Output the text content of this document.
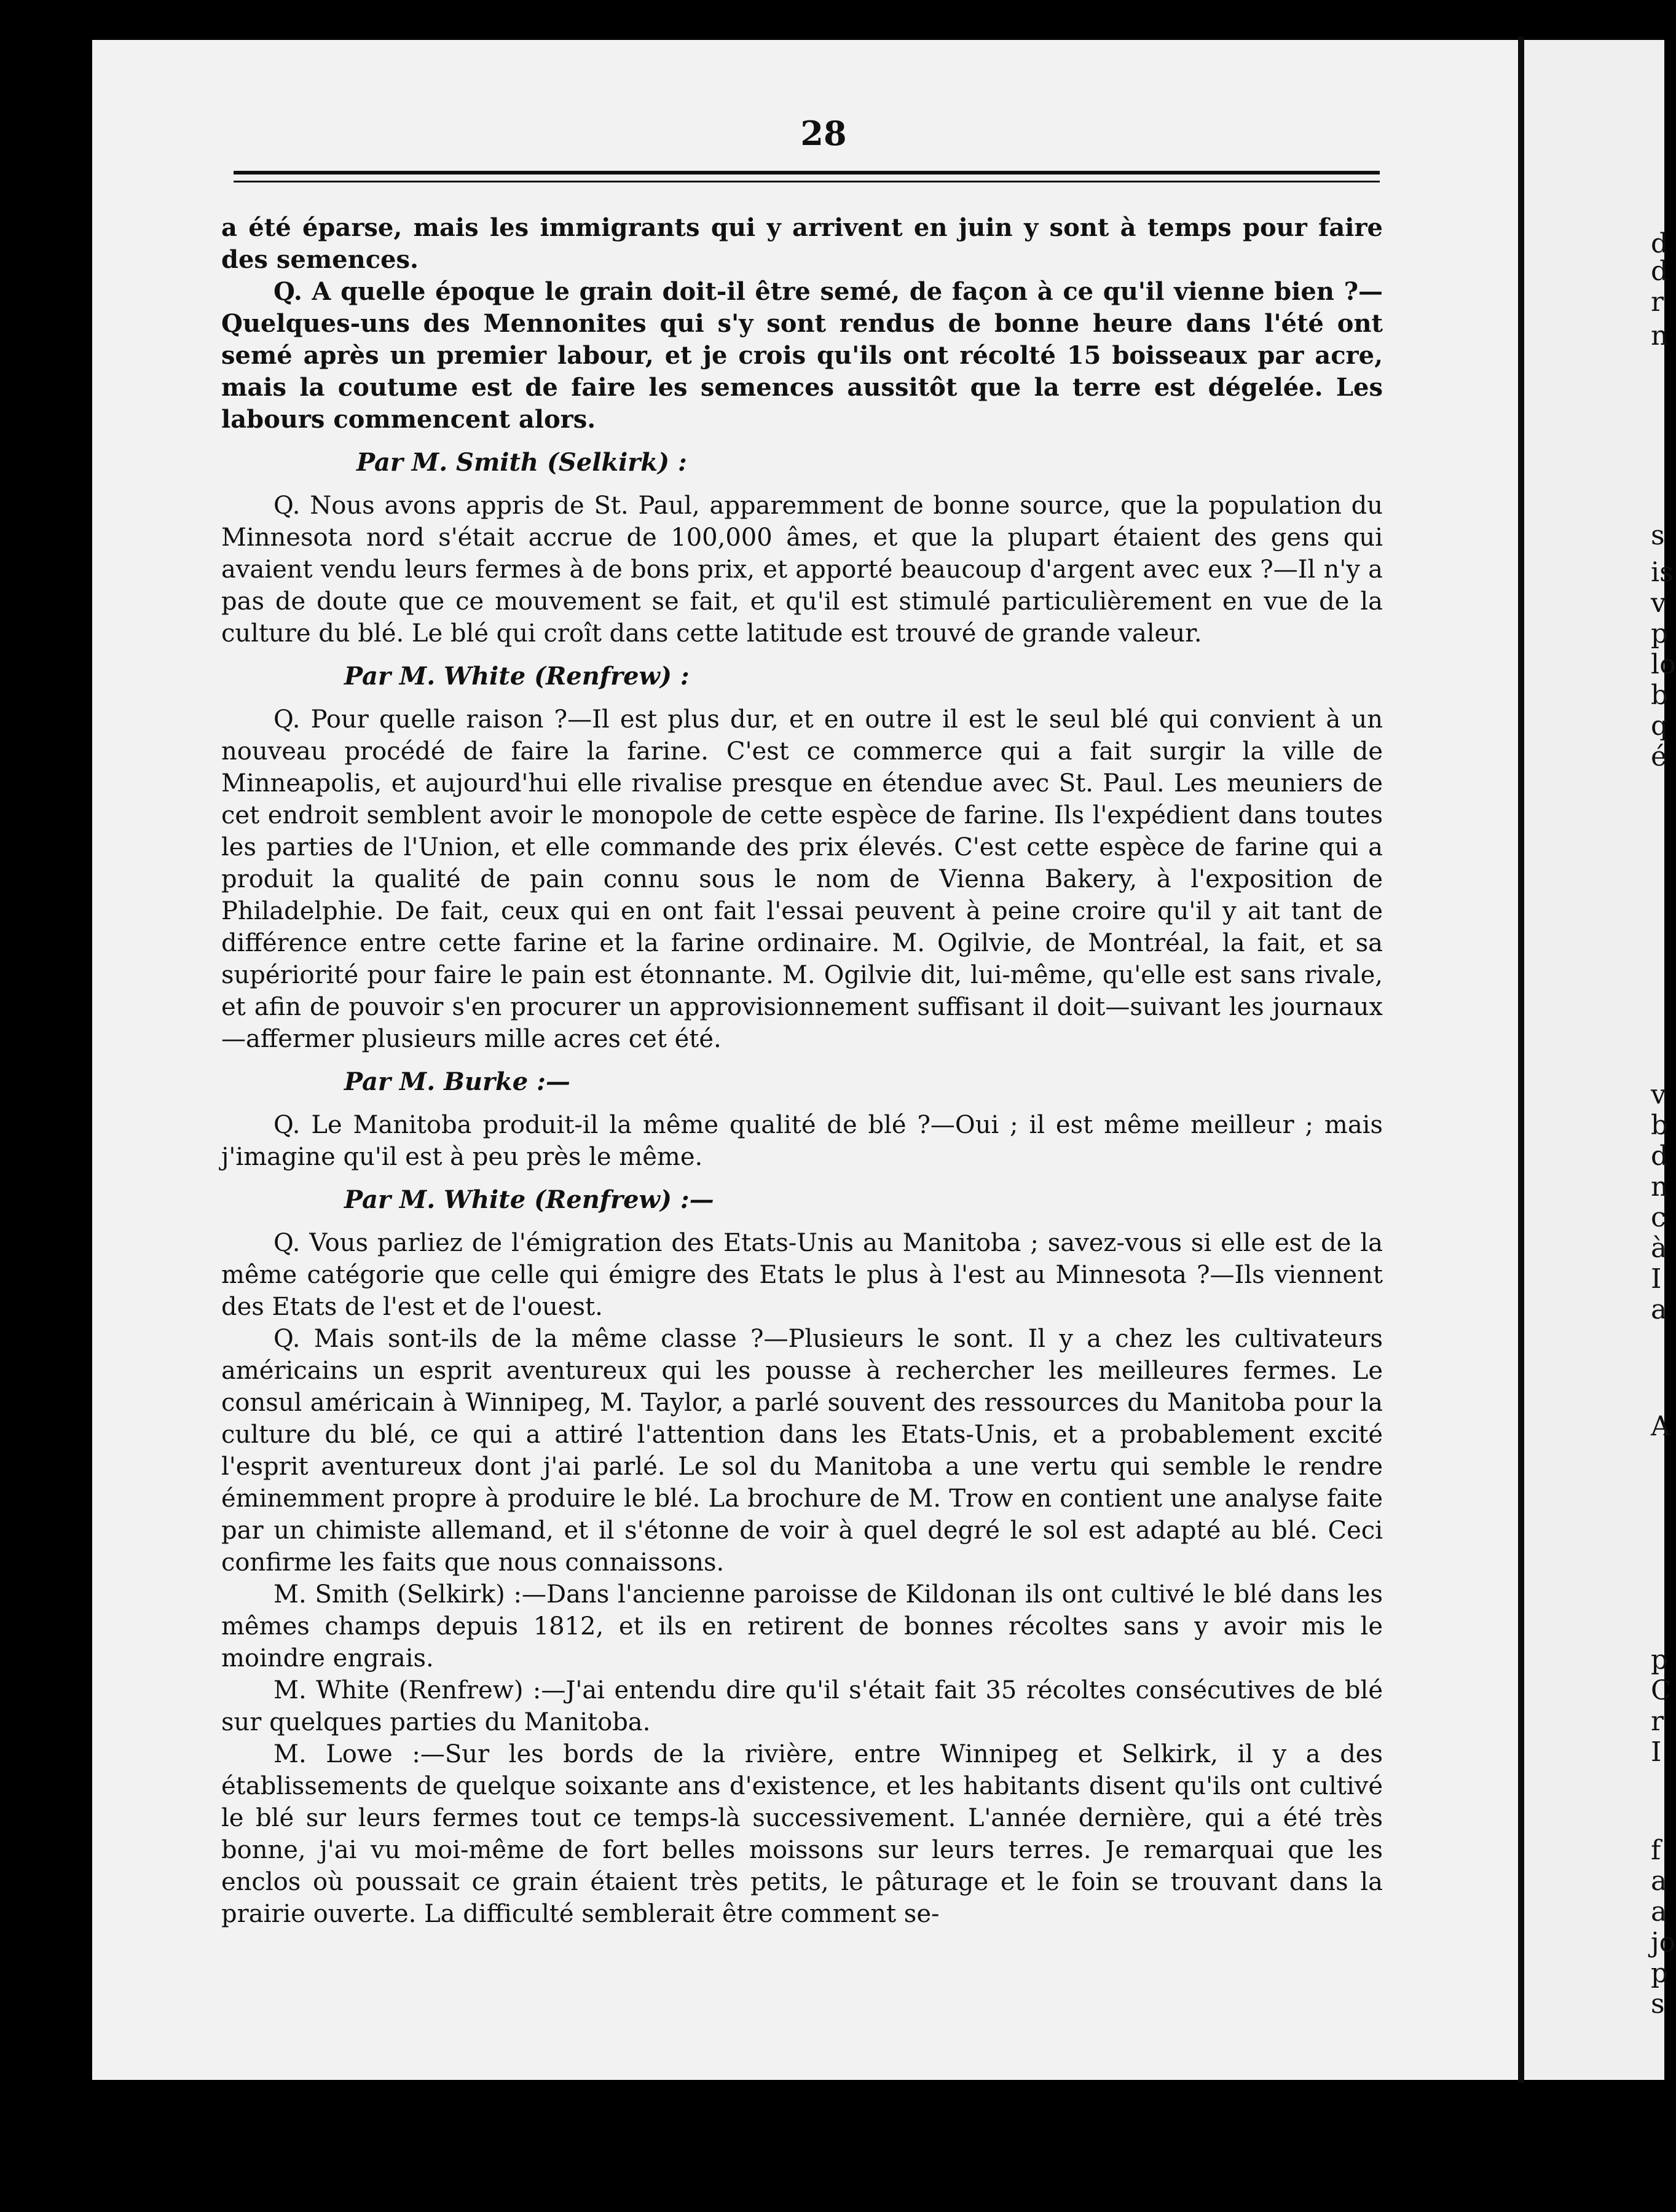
28

a été éparse, mais les immigrants qui y arrivent en juin y sont à temps pour faire des semences.

Q. A quelle époque le grain doit-il être semé, de façon à ce qu'il vienne bien ?—Quelques-uns des Mennonites qui s'y sont rendus de bonne heure dans l'été ont semé après un premier labour, et je crois qu'ils ont récolté 15 boisseaux par acre, mais la coutume est de faire les semences aussitôt que la terre est dégelée. Les labours commencent alors.

Par M. Smith (Selkirk) :

Q. Nous avons appris de St. Paul, apparemment de bonne source, que la population du Minnesota nord s'était accrue de 100,000 âmes, et que la plupart étaient des gens qui avaient vendu leurs fermes à de bons prix, et apporté beaucoup d'argent avec eux ?—Il n'y a pas de doute que ce mouvement se fait, et qu'il est stimulé particulièrement en vue de la culture du blé. Le blé qui croît dans cette latitude est trouvé de grande valeur.

Par M. White (Renfrew) :

Q. Pour quelle raison ?—Il est plus dur, et en outre il est le seul blé qui convient à un nouveau procédé de faire la farine. C'est ce commerce qui a fait surgir la ville de Minneapolis, et aujourd'hui elle rivalise presque en étendue avec St. Paul. Les meuniers de cet endroit semblent avoir le monopole de cette espèce de farine. Ils l'expédient dans toutes les parties de l'Union, et elle commande des prix élevés. C'est cette espèce de farine qui a produit la qualité de pain connu sous le nom de Vienna Bakery, à l'exposition de Philadelphie. De fait, ceux qui en ont fait l'essai peuvent à peine croire qu'il y ait tant de différence entre cette farine et la farine ordinaire. M. Ogilvie, de Montréal, la fait, et sa supériorité pour faire le pain est étonnante. M. Ogilvie dit, lui-même, qu'elle est sans rivale, et afin de pouvoir s'en procurer un approvisionnement suffisant il doit—suivant les journaux—affermer plusieurs mille acres cet été.

Par M. Burke :—

Q. Le Manitoba produit-il la même qualité de blé ?—Oui ; il est même meilleur ; mais j'imagine qu'il est à peu près le même.

Par M. White (Renfrew) :—

Q. Vous parliez de l'émigration des Etats-Unis au Manitoba ; savez-vous si elle est de la même catégorie que celle qui émigre des Etats le plus à l'est au Minnesota ?—Ils viennent des Etats de l'est et de l'ouest.

Q. Mais sont-ils de la même classe ?—Plusieurs le sont. Il y a chez les cultivateurs américains un esprit aventureux qui les pousse à rechercher les meilleures fermes. Le consul américain à Winnipeg, M. Taylor, a parlé souvent des ressources du Manitoba pour la culture du blé, ce qui a attiré l'attention dans les Etats-Unis, et a probablement excité l'esprit aventureux dont j'ai parlé. Le sol du Manitoba a une vertu qui semble le rendre éminemment propre à produire le blé. La brochure de M. Trow en contient une analyse faite par un chimiste allemand, et il s'étonne de voir à quel degré le sol est adapté au blé. Ceci confirme les faits que nous connaissons.

M. Smith (Selkirk) :—Dans l'ancienne paroisse de Kildonan ils ont cultivé le blé dans les mêmes champs depuis 1812, et ils en retirent de bonnes récoltes sans y avoir mis le moindre engrais.

M. White (Renfrew) :—J'ai entendu dire qu'il s'était fait 35 récoltes consécutives de blé sur quelques parties du Manitoba.

M. Lowe :—Sur les bords de la rivière, entre Winnipeg et Selkirk, il y a des établissements de quelque soixante ans d'existence, et les habitants disent qu'ils ont cultivé le blé sur leurs fermes tout ce temps-là successivement. L'année dernière, qui a été très bonne, j'ai vu moi-même de fort belles moissons sur leurs terres. Je remarquai que les enclos où poussait ce grain étaient très petits, le pâturage et le foin se trouvant dans la prairie ouverte. La difficulté semblerait être comment se-

d
d
r
n
s
is
v
p
lo
b
q
é
v
b
d
n
c
à
I
a
A
p
C
r
I
f
a
a
jo
p
s
